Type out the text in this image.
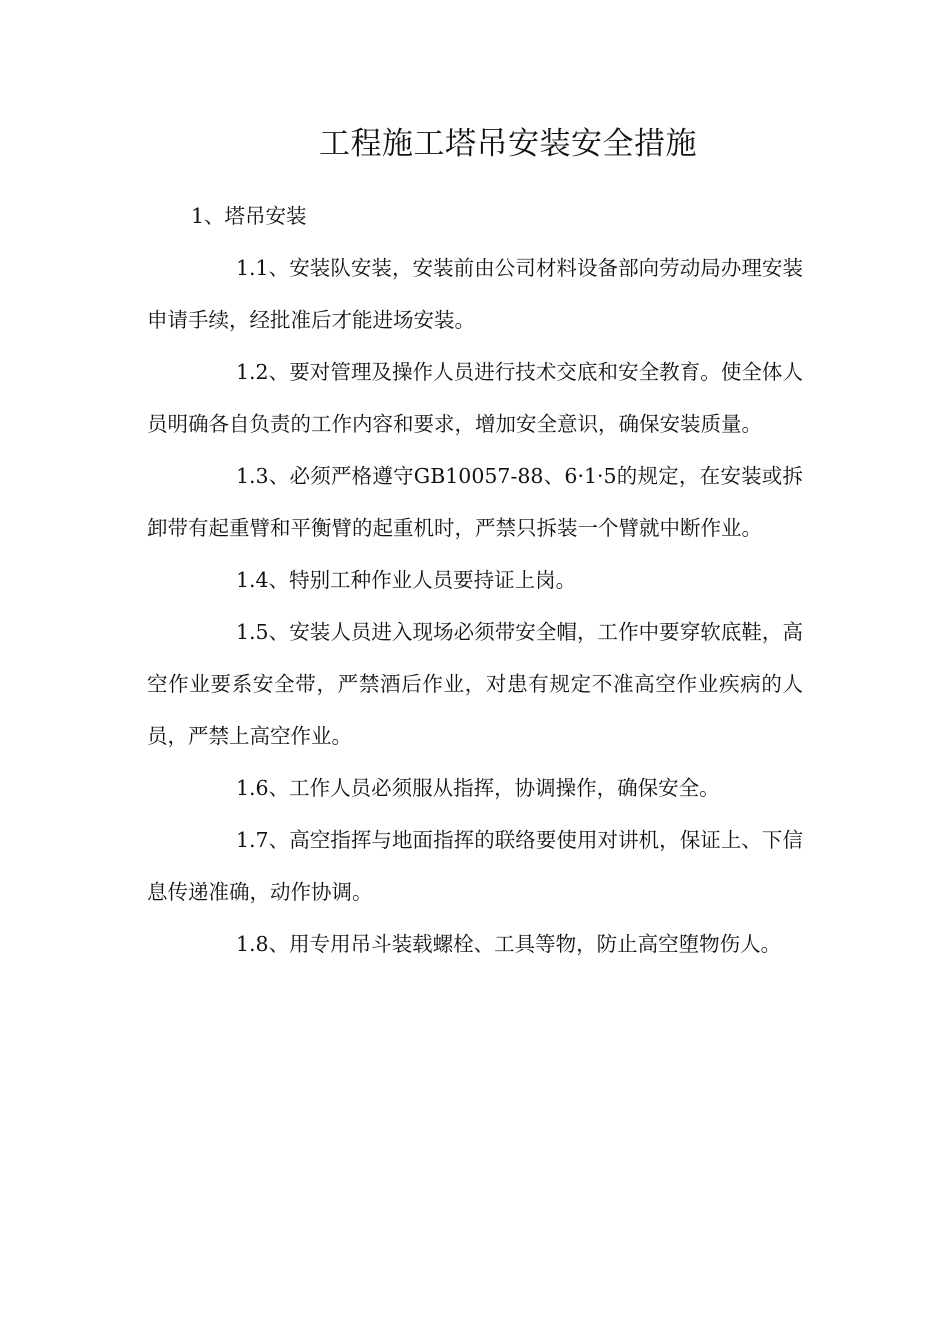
工程施工塔吊安装安全措施

1、塔吊安装

1.1、安装队安装，安装前由公司材料设备部向劳动局办理安装申请手续，经批准后才能进场安装。

1.2、要对管理及操作人员进行技术交底和安全教育。使全体人员明确各自负责的工作内容和要求，增加安全意识，确保安装质量。

1.3、必须严格遵守GB10057-88、6·1·5的规定，在安装或拆卸带有起重臂和平衡臂的起重机时，严禁只拆装一个臂就中断作业。

1.4、特别工种作业人员要持证上岗。

1.5、安装人员进入现场必须带安全帽，工作中要穿软底鞋，高空作业要系安全带，严禁酒后作业，对患有规定不准高空作业疾病的人员，严禁上高空作业。

1.6、工作人员必须服从指挥，协调操作，确保安全。

1.7、高空指挥与地面指挥的联络要使用对讲机，保证上、下信息传递准确，动作协调。

1.8、用专用吊斗装载螺栓、工具等物，防止高空堕物伤人。
